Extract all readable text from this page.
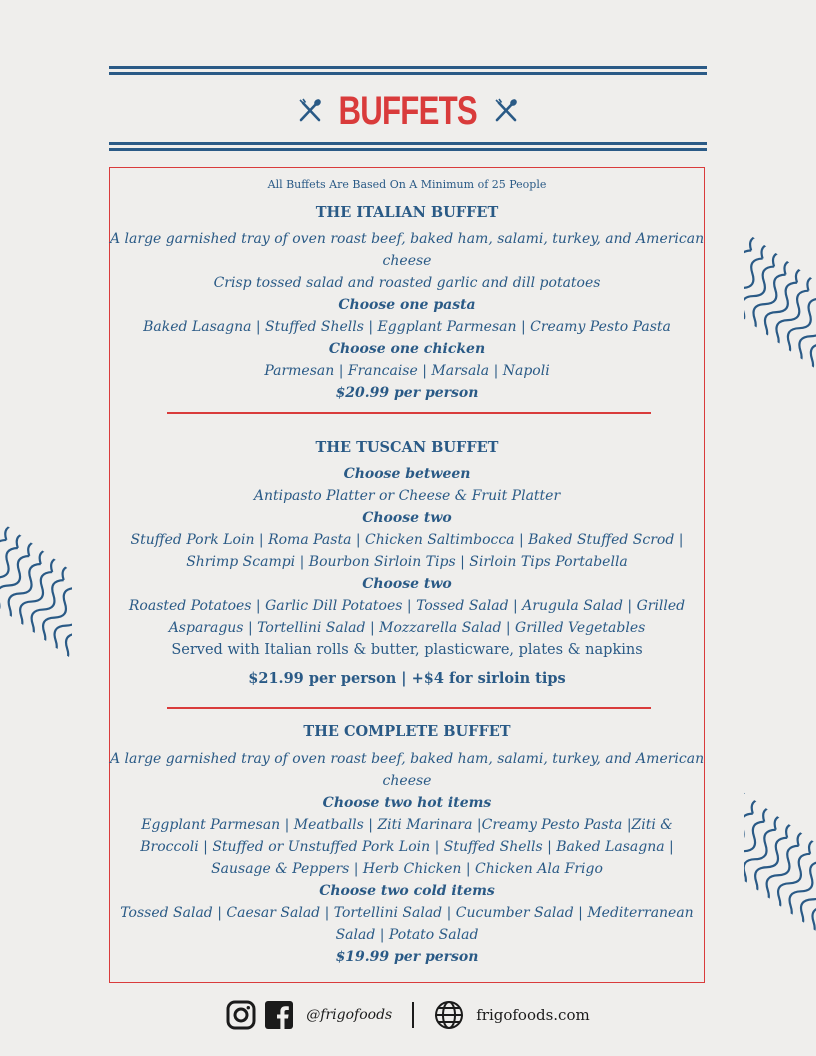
BUFFETS
All Buffets Are Based On A Minimum of 25 People
THE ITALIAN BUFFET
A large garnished tray of oven roast beef, baked ham, salami, turkey, and American
cheese
Crisp tossed salad and roasted garlic and dill potatoes
Choose one pasta
Baked Lasagna | Stuffed Shells | Eggplant Parmesan | Creamy Pesto Pasta
Choose one chicken
Parmesan | Francaise | Marsala | Napoli
$20.99 per person
THE TUSCAN BUFFET
Choose between
Antipasto Platter or Cheese & Fruit Platter
Choose two
Stuffed Pork Loin | Roma Pasta | Chicken Saltimbocca | Baked Stuffed Scrod |
Shrimp Scampi | Bourbon Sirloin Tips | Sirloin Tips Portabella
Choose two
Roasted Potatoes | Garlic Dill Potatoes | Tossed Salad | Arugula Salad | Grilled
Asparagus | Tortellini Salad | Mozzarella Salad | Grilled Vegetables
Served with Italian rolls & butter, plasticware, plates & napkins
$21.99 per person | +$4 for sirloin tips
THE COMPLETE BUFFET
A large garnished tray of oven roast beef, baked ham, salami, turkey, and American
cheese
Choose two hot items
Eggplant Parmesan | Meatballs | Ziti Marinara |Creamy Pesto Pasta |Ziti &
Broccoli | Stuffed or Unstuffed Pork Loin | Stuffed Shells | Baked Lasagna |
Sausage & Peppers | Herb Chicken | Chicken Ala Frigo
Choose two cold items
Tossed Salad | Caesar Salad | Tortellini Salad | Cucumber Salad | Mediterranean
Salad | Potato Salad
$19.99 per person
@frigofoods	frigofoods.com
